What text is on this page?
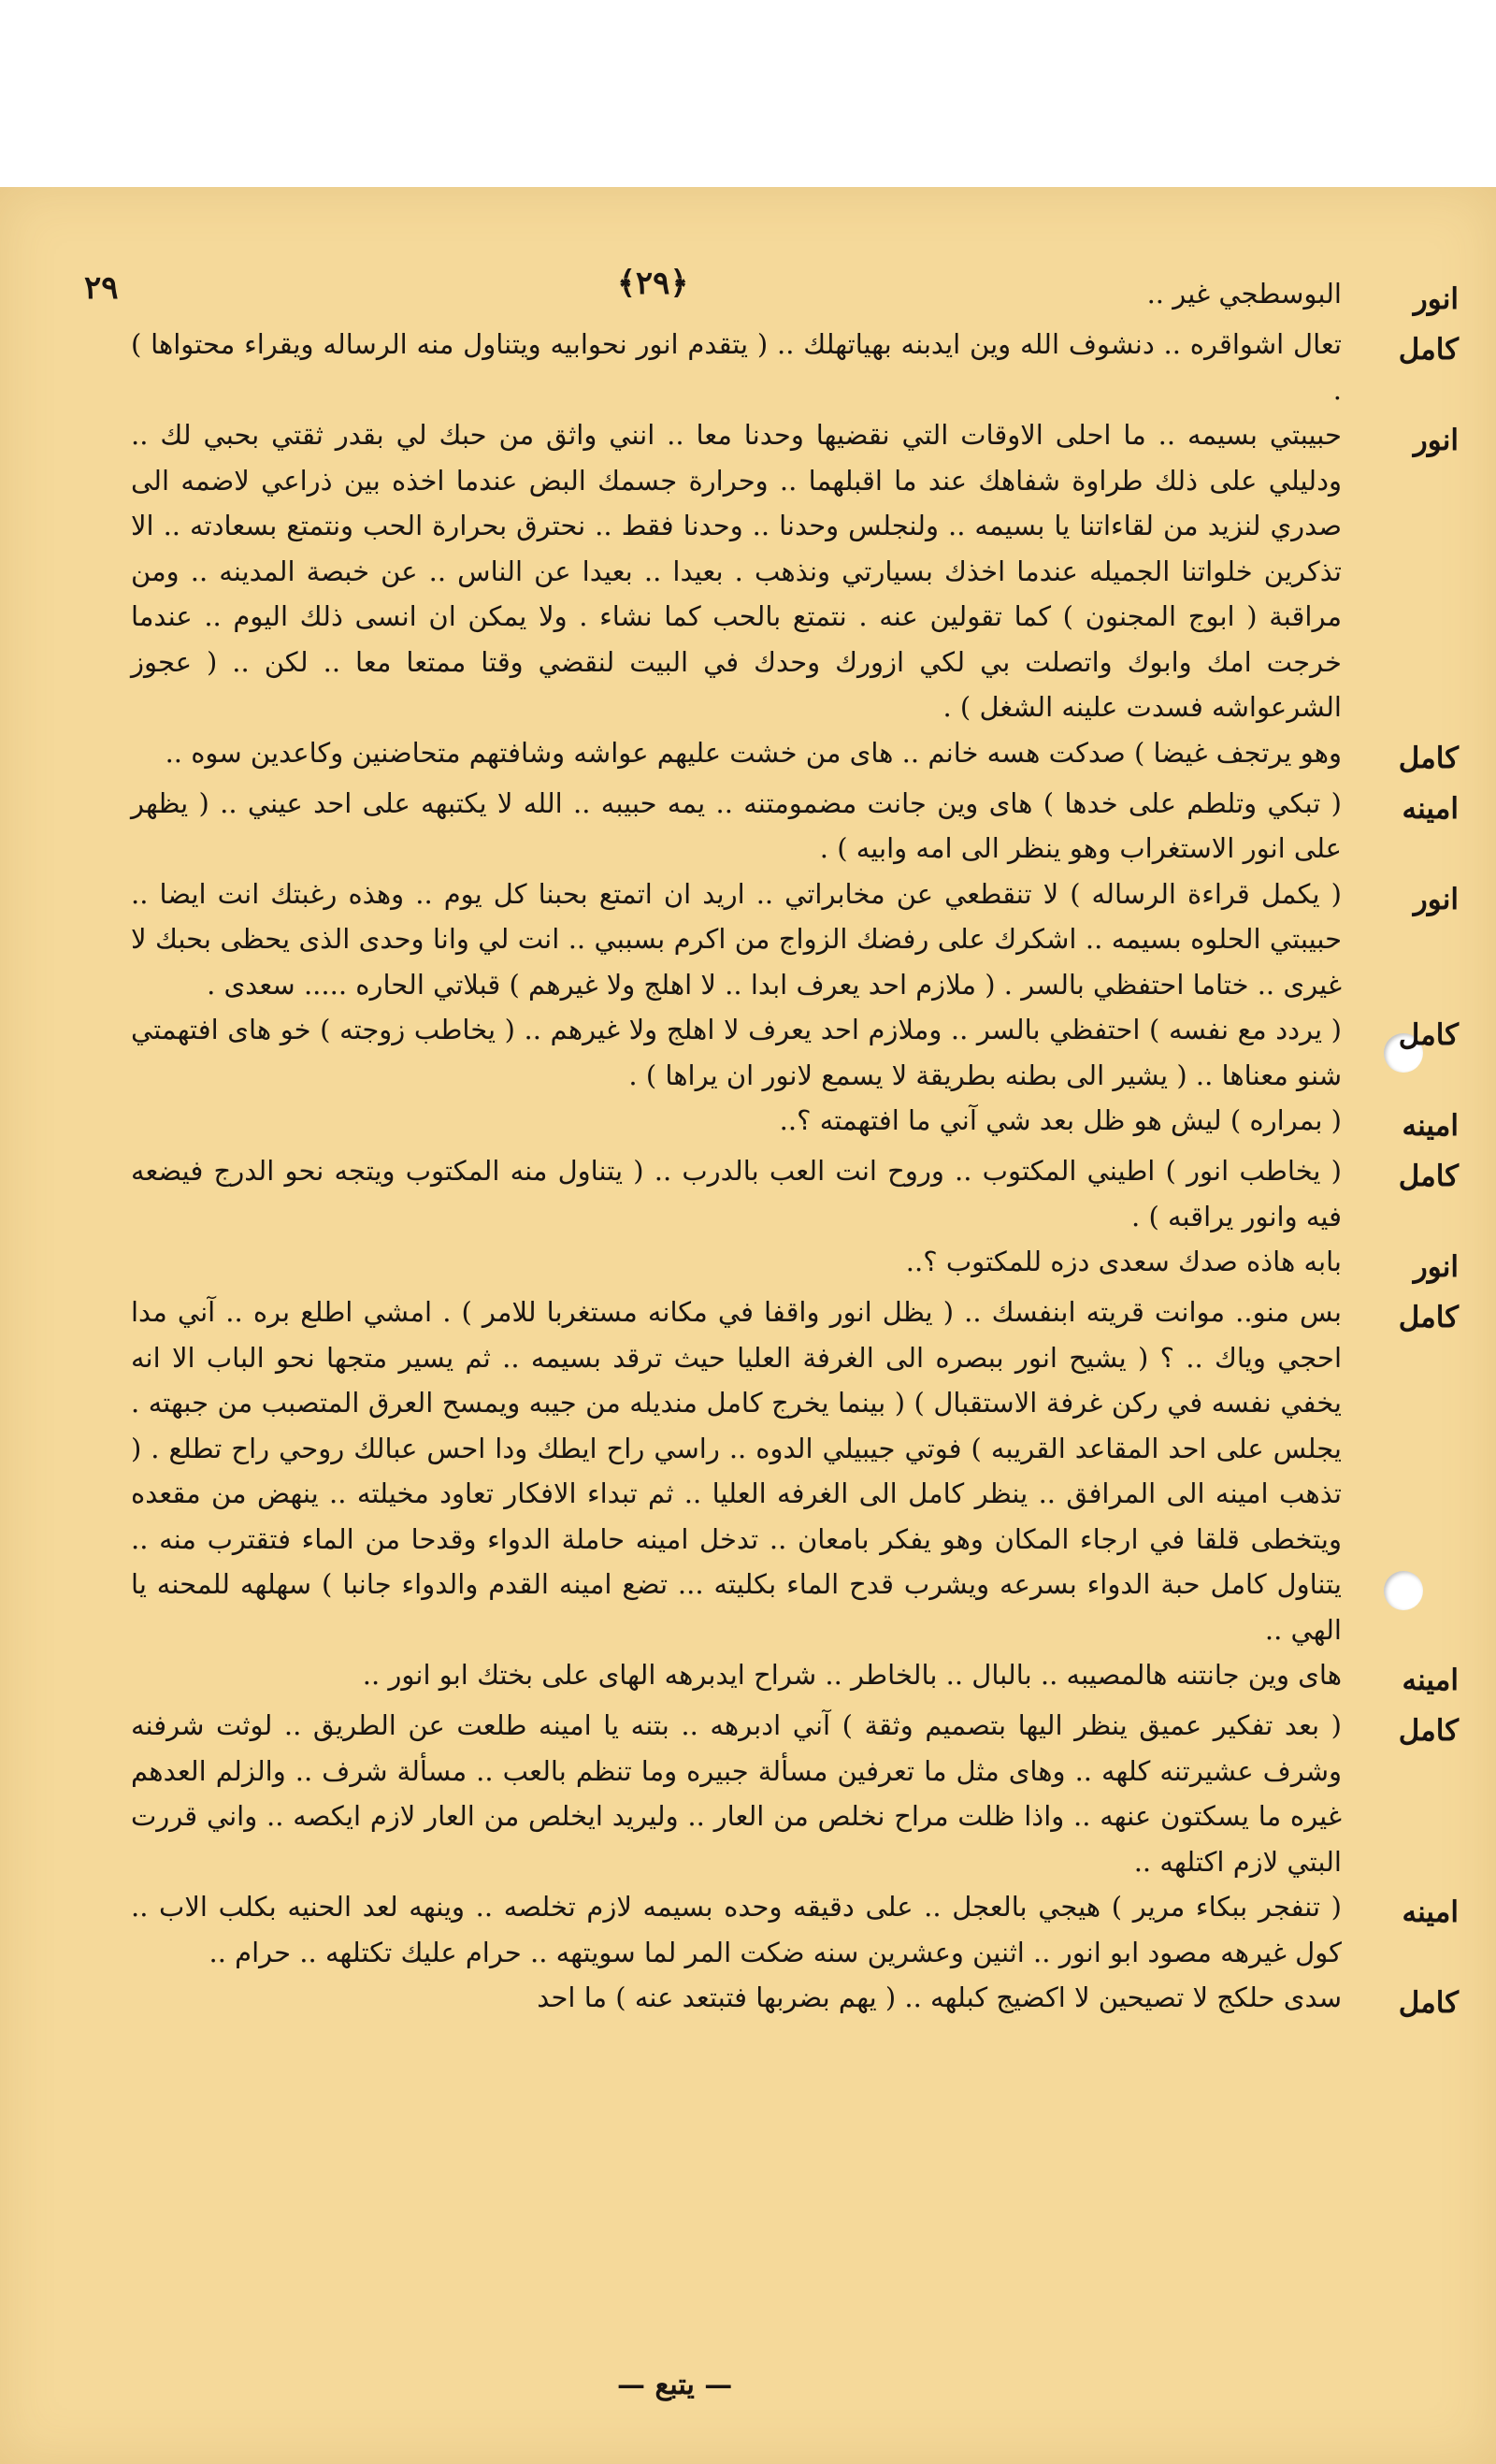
٢٩	﴿٢٩﴾	انور
البوسطجي غير ..
كامل
تعال اشواقره .. دنشوف الله وين ايدبنه بهياتهلك .. ( يتقدم انور نحوابيه ويتناول منه الرساله ويقراء محتواها ) .
انور
حبيبتي بسيمه .. ما احلى الاوقات التي نقضيها وحدنا معا .. انني واثق من حبك لي بقدر ثقتي بحبي لك .. ودليلي على ذلك طراوة شفاهك عند ما اقبلهما .. وحرارة جسمك البض عندما اخذه بين ذراعي لاضمه الى صدري لنزيد من لقاءاتنا يا بسيمه .. ولنجلس وحدنا .. وحدنا فقط .. نحترق بحرارة الحب ونتمتع بسعادته .. الا تذكرين خلواتنا الجميله عندما اخذك بسيارتي ونذهب . بعيدا .. بعيدا عن الناس .. عن خبصة المدينه .. ومن مراقبة ( ابوج المجنون ) كما تقولين عنه . نتمتع بالحب كما نشاء . ولا يمكن ان انسى ذلك اليوم .. عندما خرجت امك وابوك واتصلت بي لكي ازورك وحدك في البيت لنقضي وقتا ممتعا معا .. لكن .. ( عجوز الشرعواشه فسدت علينه الشغل ) .
كامل
وهو يرتجف غيضا ) صدكت هسه خانم .. هاى من خشت عليهم عواشه وشافتهم متحاضنين وكاعدين سوه ..
امينه
( تبكي وتلطم على خدها ) هاى وين جانت مضمومتنه .. يمه حبيبه .. الله لا يكتبهه على احد عيني .. ( يظهر على انور الاستغراب وهو ينظر الى امه وابيه ) .
انور
( يكمل قراءة الرساله ) لا تنقطعي عن مخابراتي .. اريد ان اتمتع بحبنا كل يوم .. وهذه رغبتك انت ايضا .. حبيبتي الحلوه بسيمه .. اشكرك على رفضك الزواج من اكرم بسببي .. انت لي وانا وحدى الذى يحظى بحبك لا غيرى .. ختاما احتفظي بالسر . ( ملازم احد يعرف ابدا .. لا اهلج ولا غيرهم ) قبلاتي الحاره ..... سعدى .
كامل
( يردد مع نفسه ) احتفظي بالسر .. وملازم احد يعرف لا اهلج ولا غيرهم .. ( يخاطب زوجته ) خو هاى افتهمتي شنو معناها .. ( يشير الى بطنه بطريقة لا يسمع لانور ان يراها ) .
امينه
( بمراره ) ليش هو ظل بعد شي آني ما افتهمته ؟..
كامل
( يخاطب انور ) اطيني المكتوب .. وروح انت العب بالدرب .. ( يتناول منه المكتوب ويتجه نحو الدرج فيضعه فيه وانور يراقبه ) .
انور
بابه هاذه صدك سعدى دزه للمكتوب ؟..
كامل
بس منو.. موانت قريته ابنفسك .. ( يظل انور واقفا في مكانه مستغربا للامر ) . امشي اطلع بره .. آني مدا احجي وياك .. ؟ ( يشيح انور ببصره الى الغرفة العليا حيث ترقد بسيمه .. ثم يسير متجها نحو الباب الا انه يخفي نفسه في ركن غرفة الاستقبال ) ( بينما يخرج كامل منديله من جيبه ويمسح العرق المتصبب من جبهته . يجلس على احد المقاعد القريبه ) فوتي جيبيلي الدوه .. راسي راح ايطك ودا احس عبالك روحي راح تطلع . ( تذهب امينه الى المرافق .. ينظر كامل الى الغرفه العليا .. ثم تبداء الافكار تعاود مخيلته .. ينهض من مقعده ويتخطى قلقا في ارجاء المكان وهو يفكر بامعان .. تدخل امينه حاملة الدواء وقدحا من الماء فتقترب منه .. يتناول كامل حبة الدواء بسرعه ويشرب قدح الماء بكليته ... تضع امينه القدم والدواء جانبا ) سهلهه للمحنه يا الهي ..
امينه
هاى وين جانتنه هالمصيبه .. بالبال .. بالخاطر .. شراح ايدبرهه الهاى على بختك ابو انور ..
كامل
( بعد تفكير عميق ينظر اليها بتصميم وثقة ) آني ادبرهه .. بتنه يا امينه طلعت عن الطريق .. لوثت شرفنه وشرف عشيرتنه كلهه .. وهاى مثل ما تعرفين مسألة جبيره وما تنظم بالعب .. مسألة شرف .. والزلم العدهم غيره ما يسكتون عنهه .. واذا ظلت مراح نخلص من العار .. وليريد ايخلص من العار لازم ايكصه .. واني قررت البتي لازم اكتلهه ..
امينه
( تنفجر ببكاء مرير ) هيجي بالعجل .. على دقيقه وحده بسيمه لازم تخلصه .. وينهه لعد الحنيه بكلب الاب .. كول غيرهه مصود ابو انور .. اثنين وعشرين سنه ضكت المر لما سويتهه .. حرام عليك تكتلهه .. حرام ..
كامل
سدى حلكج لا تصيحين لا اكضيج كبلهه .. ( يهم بضربها فتبتعد عنه ) ما احد
— يتبع —
